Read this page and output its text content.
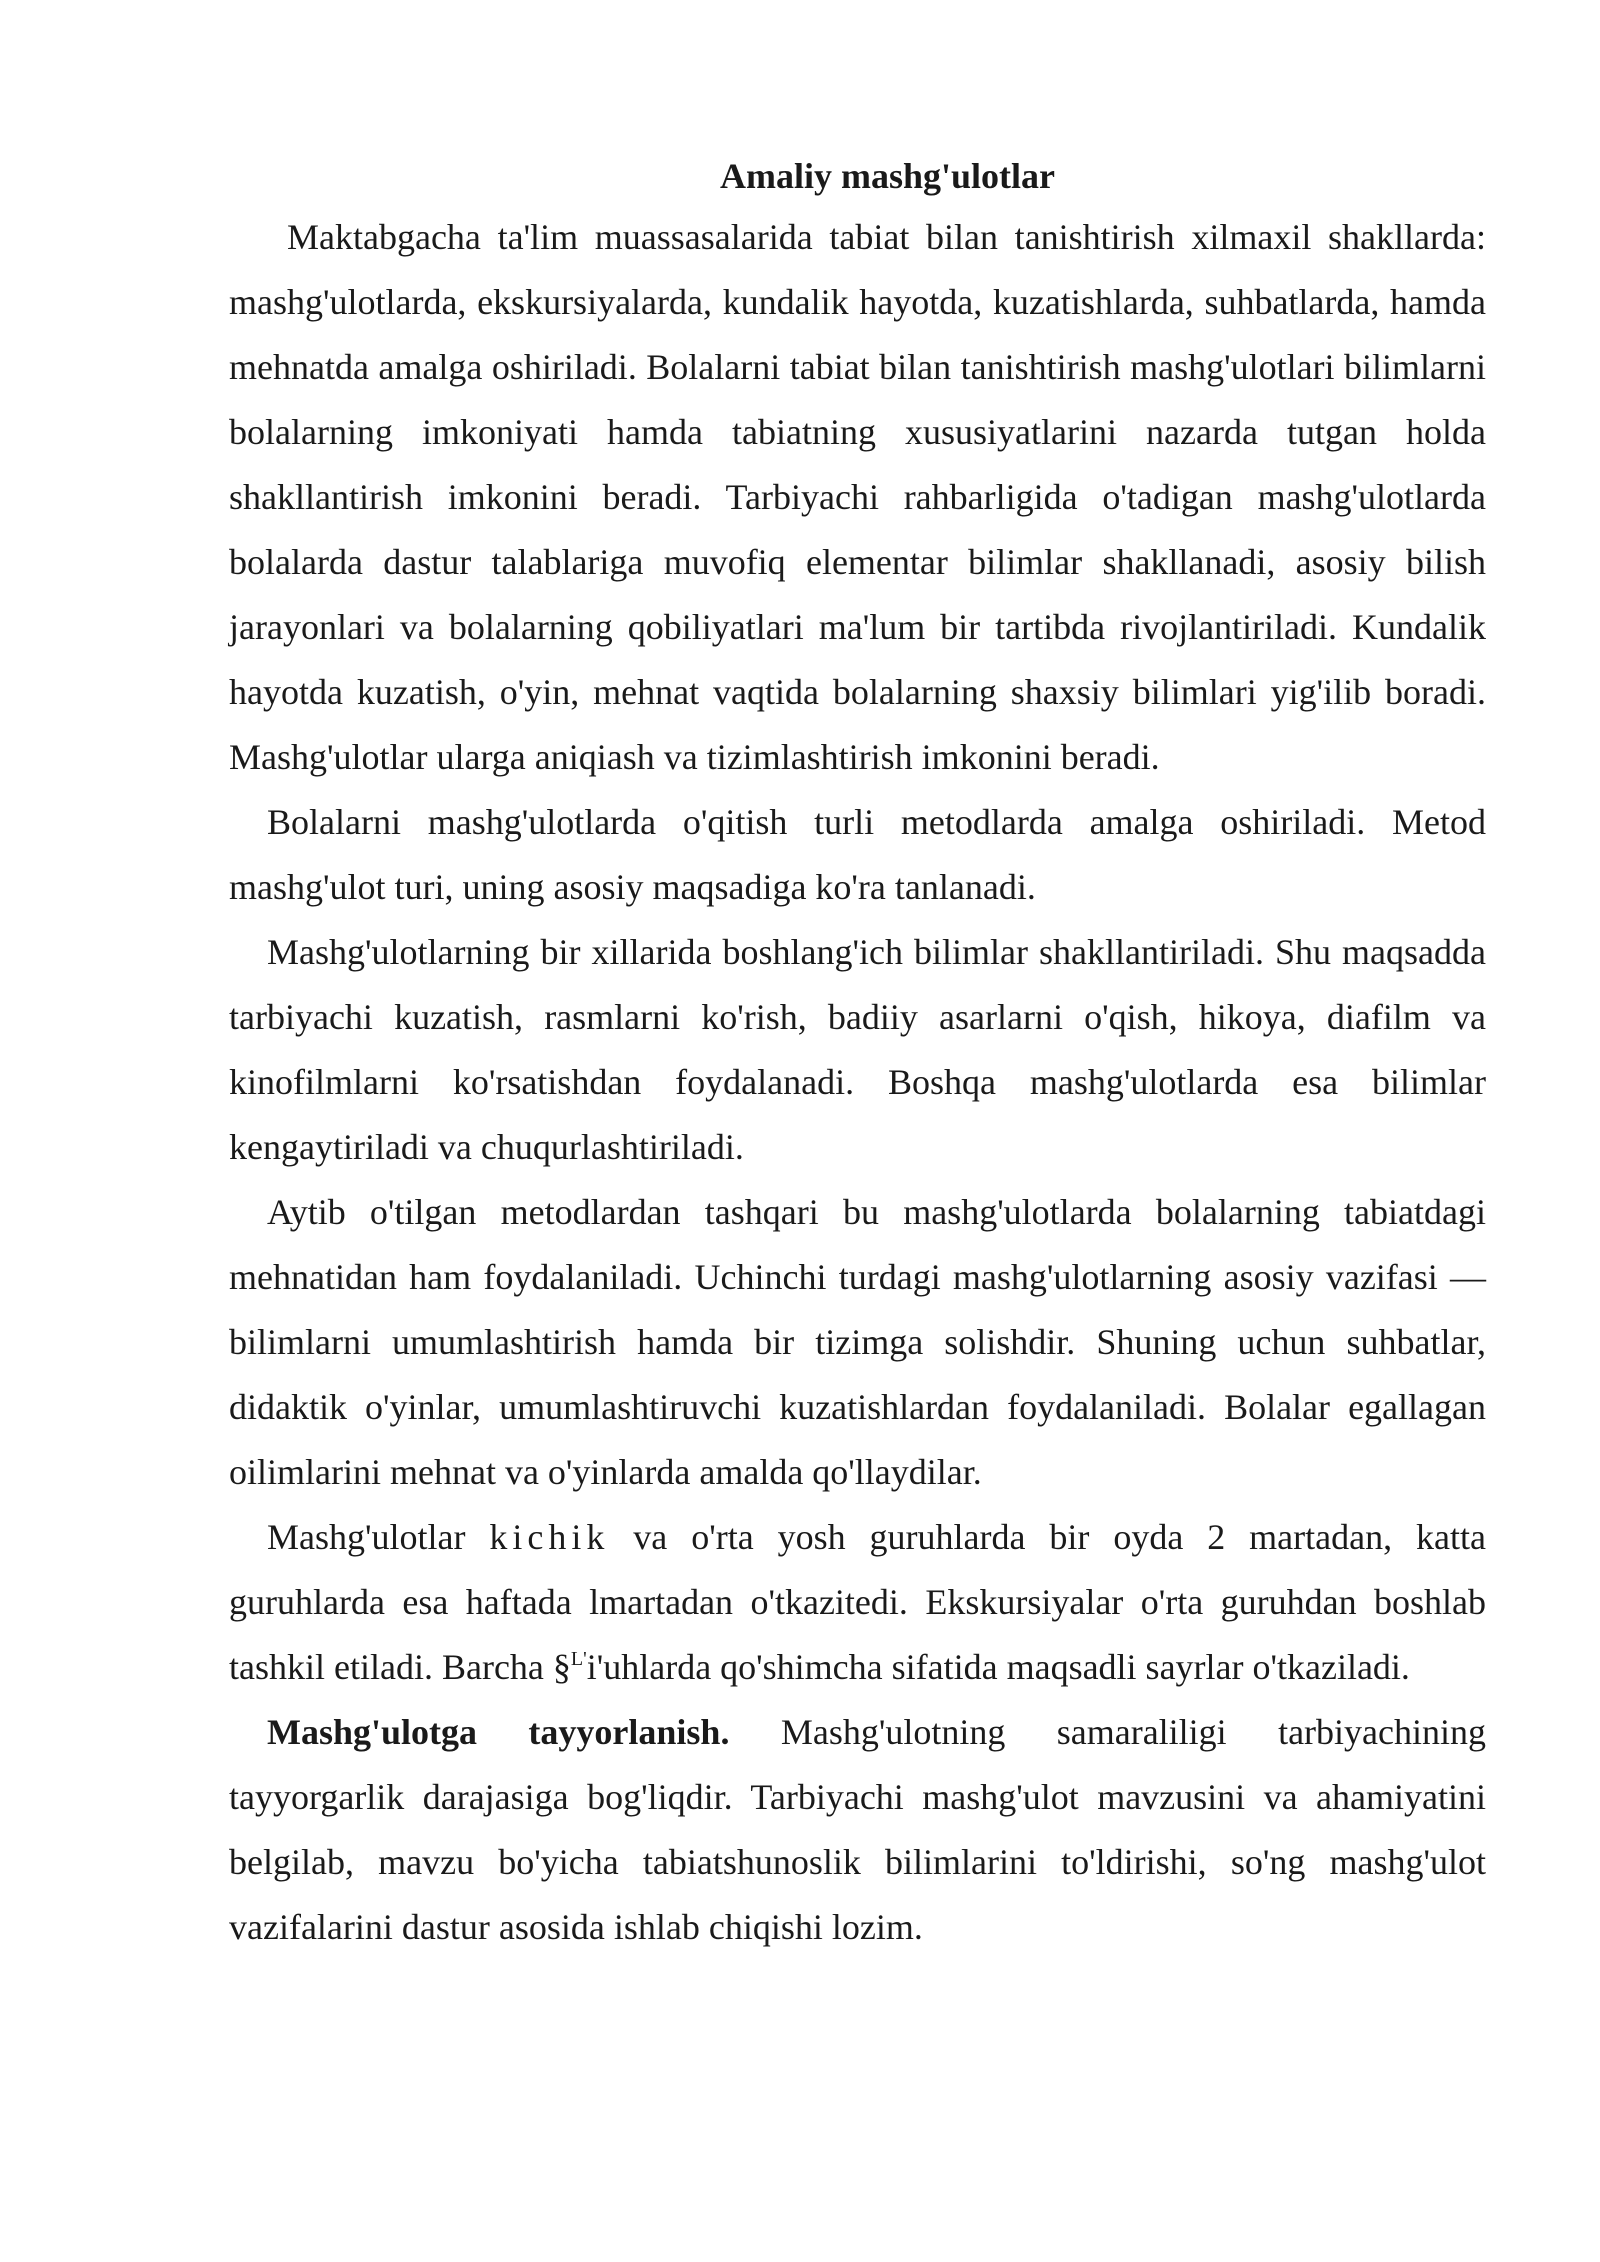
Amaliy mashg'ulotlar

Maktabgacha ta'lim muassasalarida tabiat bilan tanishtirish xilmaxil shakllarda: mashg'ulotlarda, ekskursiyalarda, kundalik hayotda, kuzatishlarda, suhbatlarda, hamda mehnatda amalga oshiriladi. Bolalarni tabiat bilan tanishtirish mashg'ulotlari bilimlarni bolalarning imkoniyati hamda tabiatning xususiyatlarini nazarda tutgan holda shakllantirish imkonini beradi. Tarbiyachi rahbarligida o'tadigan mashg'ulotlarda bolalarda dastur talablariga muvofiq elementar bilimlar shakllanadi, asosiy bilish jarayonlari va bolalarning qobiliyatlari ma'lum bir tartibda rivojlantiriladi. Kundalik hayotda kuzatish, o'yin, mehnat vaqtida bolalarning shaxsiy bilimlari yig'ilib boradi. Mashg'ulotlar ularga aniqiash va tizimlashtirish imkonini beradi.

Bolalarni mashg'ulotlarda o'qitish turli metodlarda amalga oshiriladi. Metod mashg'ulot turi, uning asosiy maqsadiga ko'ra tanlanadi.

Mashg'ulotlarning bir xillarida boshlang'ich bilimlar shakllantiriladi. Shu maqsadda tarbiyachi kuzatish, rasmlarni ko'rish, badiiy asarlarni o'qish, hikoya, diafilm va kinofilmlarni ko'rsatishdan foydalanadi. Boshqa mashg'ulotlarda esa bilimlar kengaytiriladi va chuqurlashtiriladi.

Aytib o'tilgan metodlardan tashqari bu mashg'ulotlarda bolalarning tabiatdagi mehnatidan ham foydalaniladi. Uchinchi turdagi mashg'ulotlarning asosiy vazifasi — bilimlarni umumlashtirish hamda bir tizimga solishdir. Shuning uchun suhbatlar, didaktik o'yinlar, umumlashtiruvchi kuzatishlardan foydalaniladi. Bolalar egallagan oilimlarini mehnat va o'yinlarda amalda qo'llaydilar.

Mashg'ulotlar kichik va o'rta yosh guruhlarda bir oyda 2 martadan, katta guruhlarda esa haftada lmartadan o'tkazitedi. Ekskursiyalar o'rta guruhdan boshlab tashkil etiladi. Barcha §$^{L'}$i'uhlarda qo'shimcha sifatida maqsadli sayrlar o'tkaziladi.

Mashg'ulotga tayyorlanish. Mashg'ulotning samaraliligi tarbiyachining tayyorgarlik darajasiga bog'liqdir. Tarbiyachi mashg'ulot mavzusini va ahamiyatini belgilab, mavzu bo'yicha tabiatshunoslik bilimlarini to'ldirishi, so'ng mashg'ulot vazifalarini dastur asosida ishlab chiqishi lozim.
